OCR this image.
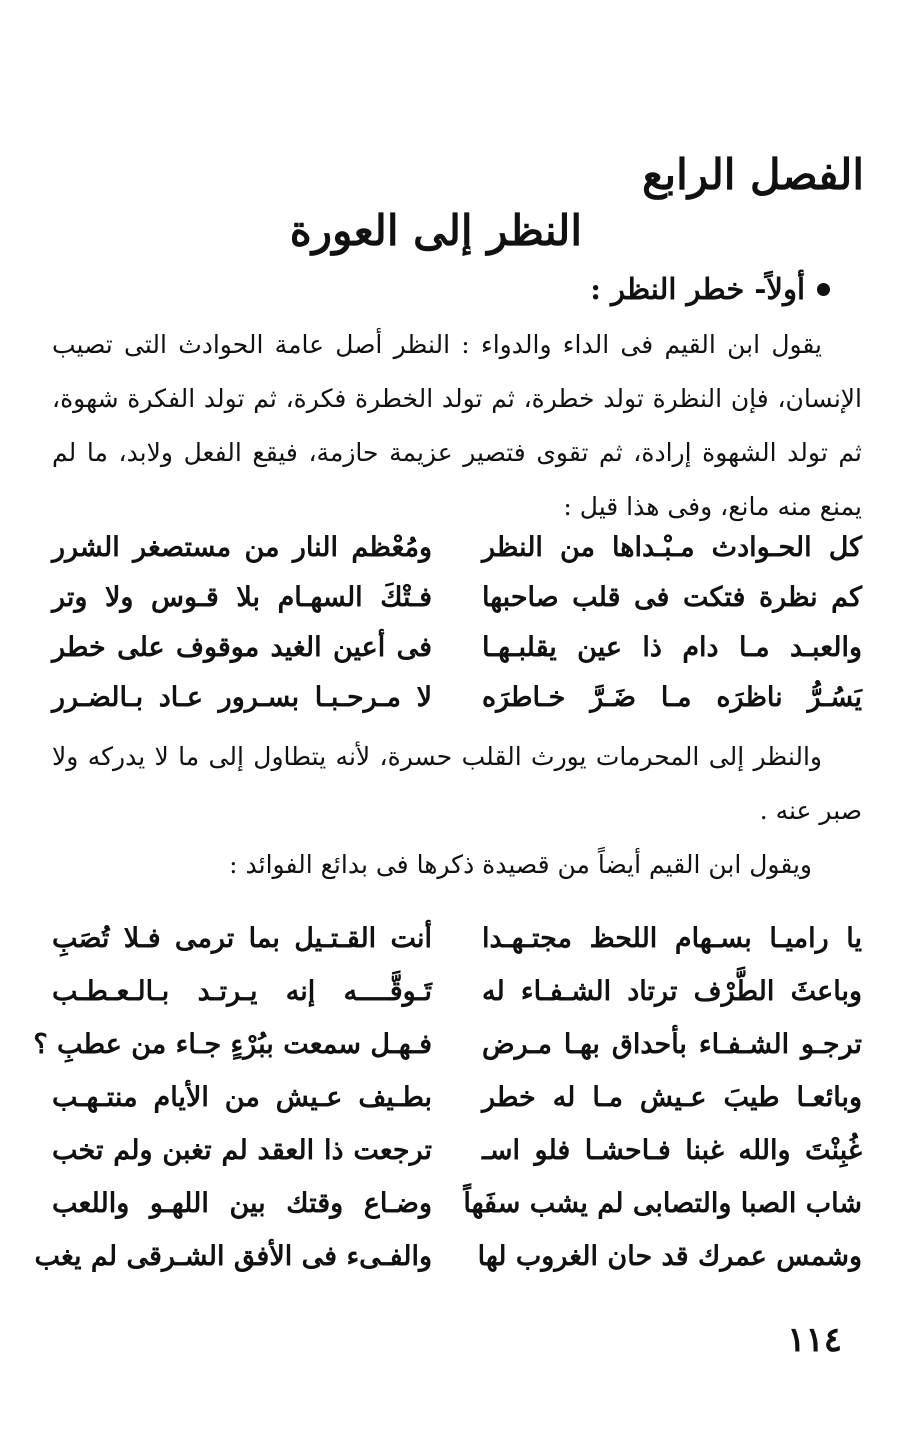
الفصل الرابع
النظر إلى العورة
أولاً- خطر النظر :

يقول ابن القيم فى الداء والدواء : النظر أصل عامة الحوادث التى تصيب الإنسان، فإن النظرة تولد خطرة، ثم تولد الخطرة فكرة، ثم تولد الفكرة شهوة، ثم تولد الشهوة إرادة، ثم تقوى فتصير عزيمة حازمة، فيقع الفعل ولابد، ما لم يمنع منه مانع، وفى هذا قيل :

كل الحـوادث مـبْـداها من النظر
ومُعْظم النار من مستصغر الشرر
كم نظرة فتكت فى قلب صاحبها
فـتْكَ السهـام بلا قـوس ولا وتر
والعبـد مـا دام ذا عين يقلبـهـا
فى أعين الغيد موقوف على خطر
يَسُـرُّ ناظرَه مـا ضَـرَّ خـاطرَه
لا مـرحـبـا بسـرور عـاد بـالضـرر

والنظر إلى المحرمات يورث القلب حسرة، لأنه يتطاول إلى ما لا يدركه ولا صبر عنه .

ويقول ابن القيم أيضاً من قصيدة ذكرها فى بدائع الفوائد :

يا راميـا بسـهام اللحظ مجتـهـدا
أنت القـتـيل بما ترمى فـلا تُصَبِ
وباعثَ الطَّرْف ترتاد الشـفـاء له
تَـوقَّــــه إنه يـرتـد بـالـعـطـب
ترجـو الشـفـاء بأحداق بهـا مـرض
فـهـل سمعت ببُرْءٍ جـاء من عطبِ ؟
وبائعـا طيبَ عـيش مـا له خطر
بطـيف عـيش من الأيام منتـهـب
غُبِنْتَ والله غبنا فـاحشـا فلو اسـ
ترجعت ذا العقد لم تغبن ولم تخب
شاب الصبا والتصابى لم يشب سفَهاً
وضـاع وقتك بين اللهـو واللعب
وشمس عمرك قد حان الغروب لها
والفـىء فى الأفق الشـرقى لم يغب

١١٤
